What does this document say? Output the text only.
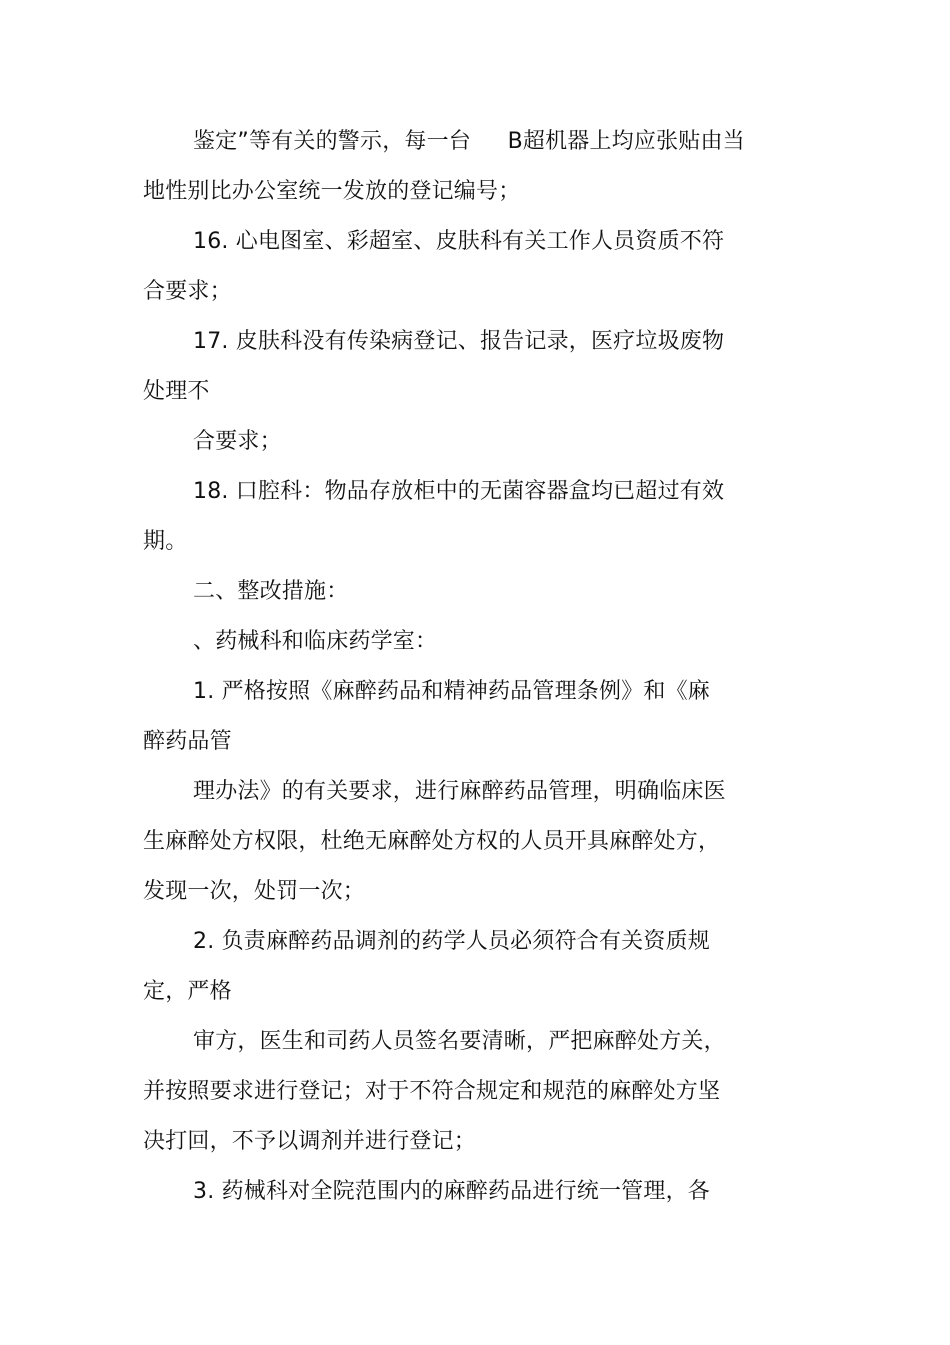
鉴定”等有关的警示，每一台 　 B超机器上均应张贴由当
地性别比办公室统一发放的登记编号；
16. 心电图室、彩超室、皮肤科有关工作人员资质不符
合要求；
17. 皮肤科没有传染病登记、报告记录，医疗垃圾废物
处理不
合要求；
18. 口腔科：物品存放柜中的无菌容器盒均已超过有效
期。
二、整改措施：
、药械科和临床药学室：
1. 严格按照《麻醉药品和精神药品管理条例》和《麻
醉药品管
理办法》的有关要求，进行麻醉药品管理，明确临床医
生麻醉处方权限，杜绝无麻醉处方权的人员开具麻醉处方，
发现一次，处罚一次；
2. 负责麻醉药品调剂的药学人员必须符合有关资质规
定，严格
审方，医生和司药人员签名要清晰，严把麻醉处方关，
并按照要求进行登记；对于不符合规定和规范的麻醉处方坚
决打回，不予以调剂并进行登记；
3. 药械科对全院范围内的麻醉药品进行统一管理，各
